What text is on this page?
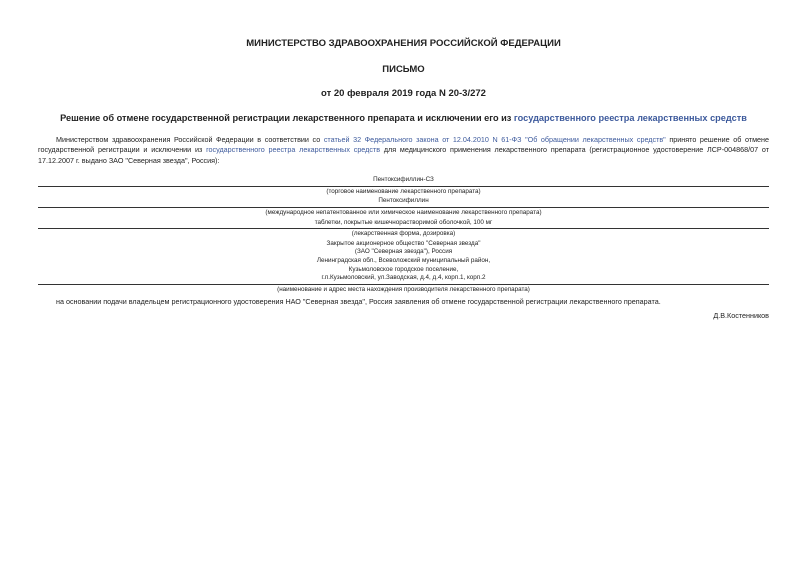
МИНИСТЕРСТВО ЗДРАВООХРАНЕНИЯ РОССИЙСКОЙ ФЕДЕРАЦИИ
ПИСЬМО
от 20 февраля 2019 года N 20-3/272
Решение об отмене государственной регистрации лекарственного препарата и исключении его из государственного реестра лекарственных средств
Министерством здравоохранения Российской Федерации в соответствии со статьей 32 Федерального закона от 12.04.2010 N 61-ФЗ "Об обращении лекарственных средств" принято решение об отмене государственной регистрации и исключении из государственного реестра лекарственных средств для медицинского применения лекарственного препарата (регистрационное удостоверение ЛСР-004868/07 от 17.12.2007 г. выдано ЗАО "Северная звезда", Россия):
Пентоксифиллин-СЗ
(торговое наименование лекарственного препарата)
Пентоксифиллин
(международное непатентованное или химическое наименование лекарственного препарата)
таблетки, покрытые кишечнорастворимой оболочкой, 100 мг
(лекарственная форма, дозировка)
Закрытое акционерное общество "Северная звезда"
(ЗАО "Северная звезда"), Россия
Ленинградская обл., Всеволожский муниципальный район,
Кузьмоловское городское поселение,
г.п.Кузьмоловский, ул.Заводская, д.4, д.4, корп.1, корп.2
(наименование и адрес места нахождения производителя лекарственного препарата)
на основании подачи владельцем регистрационного удостоверения НАО "Северная звезда", Россия заявления об отмене государственной регистрации лекарственного препарата.
Д.В.Костенников
